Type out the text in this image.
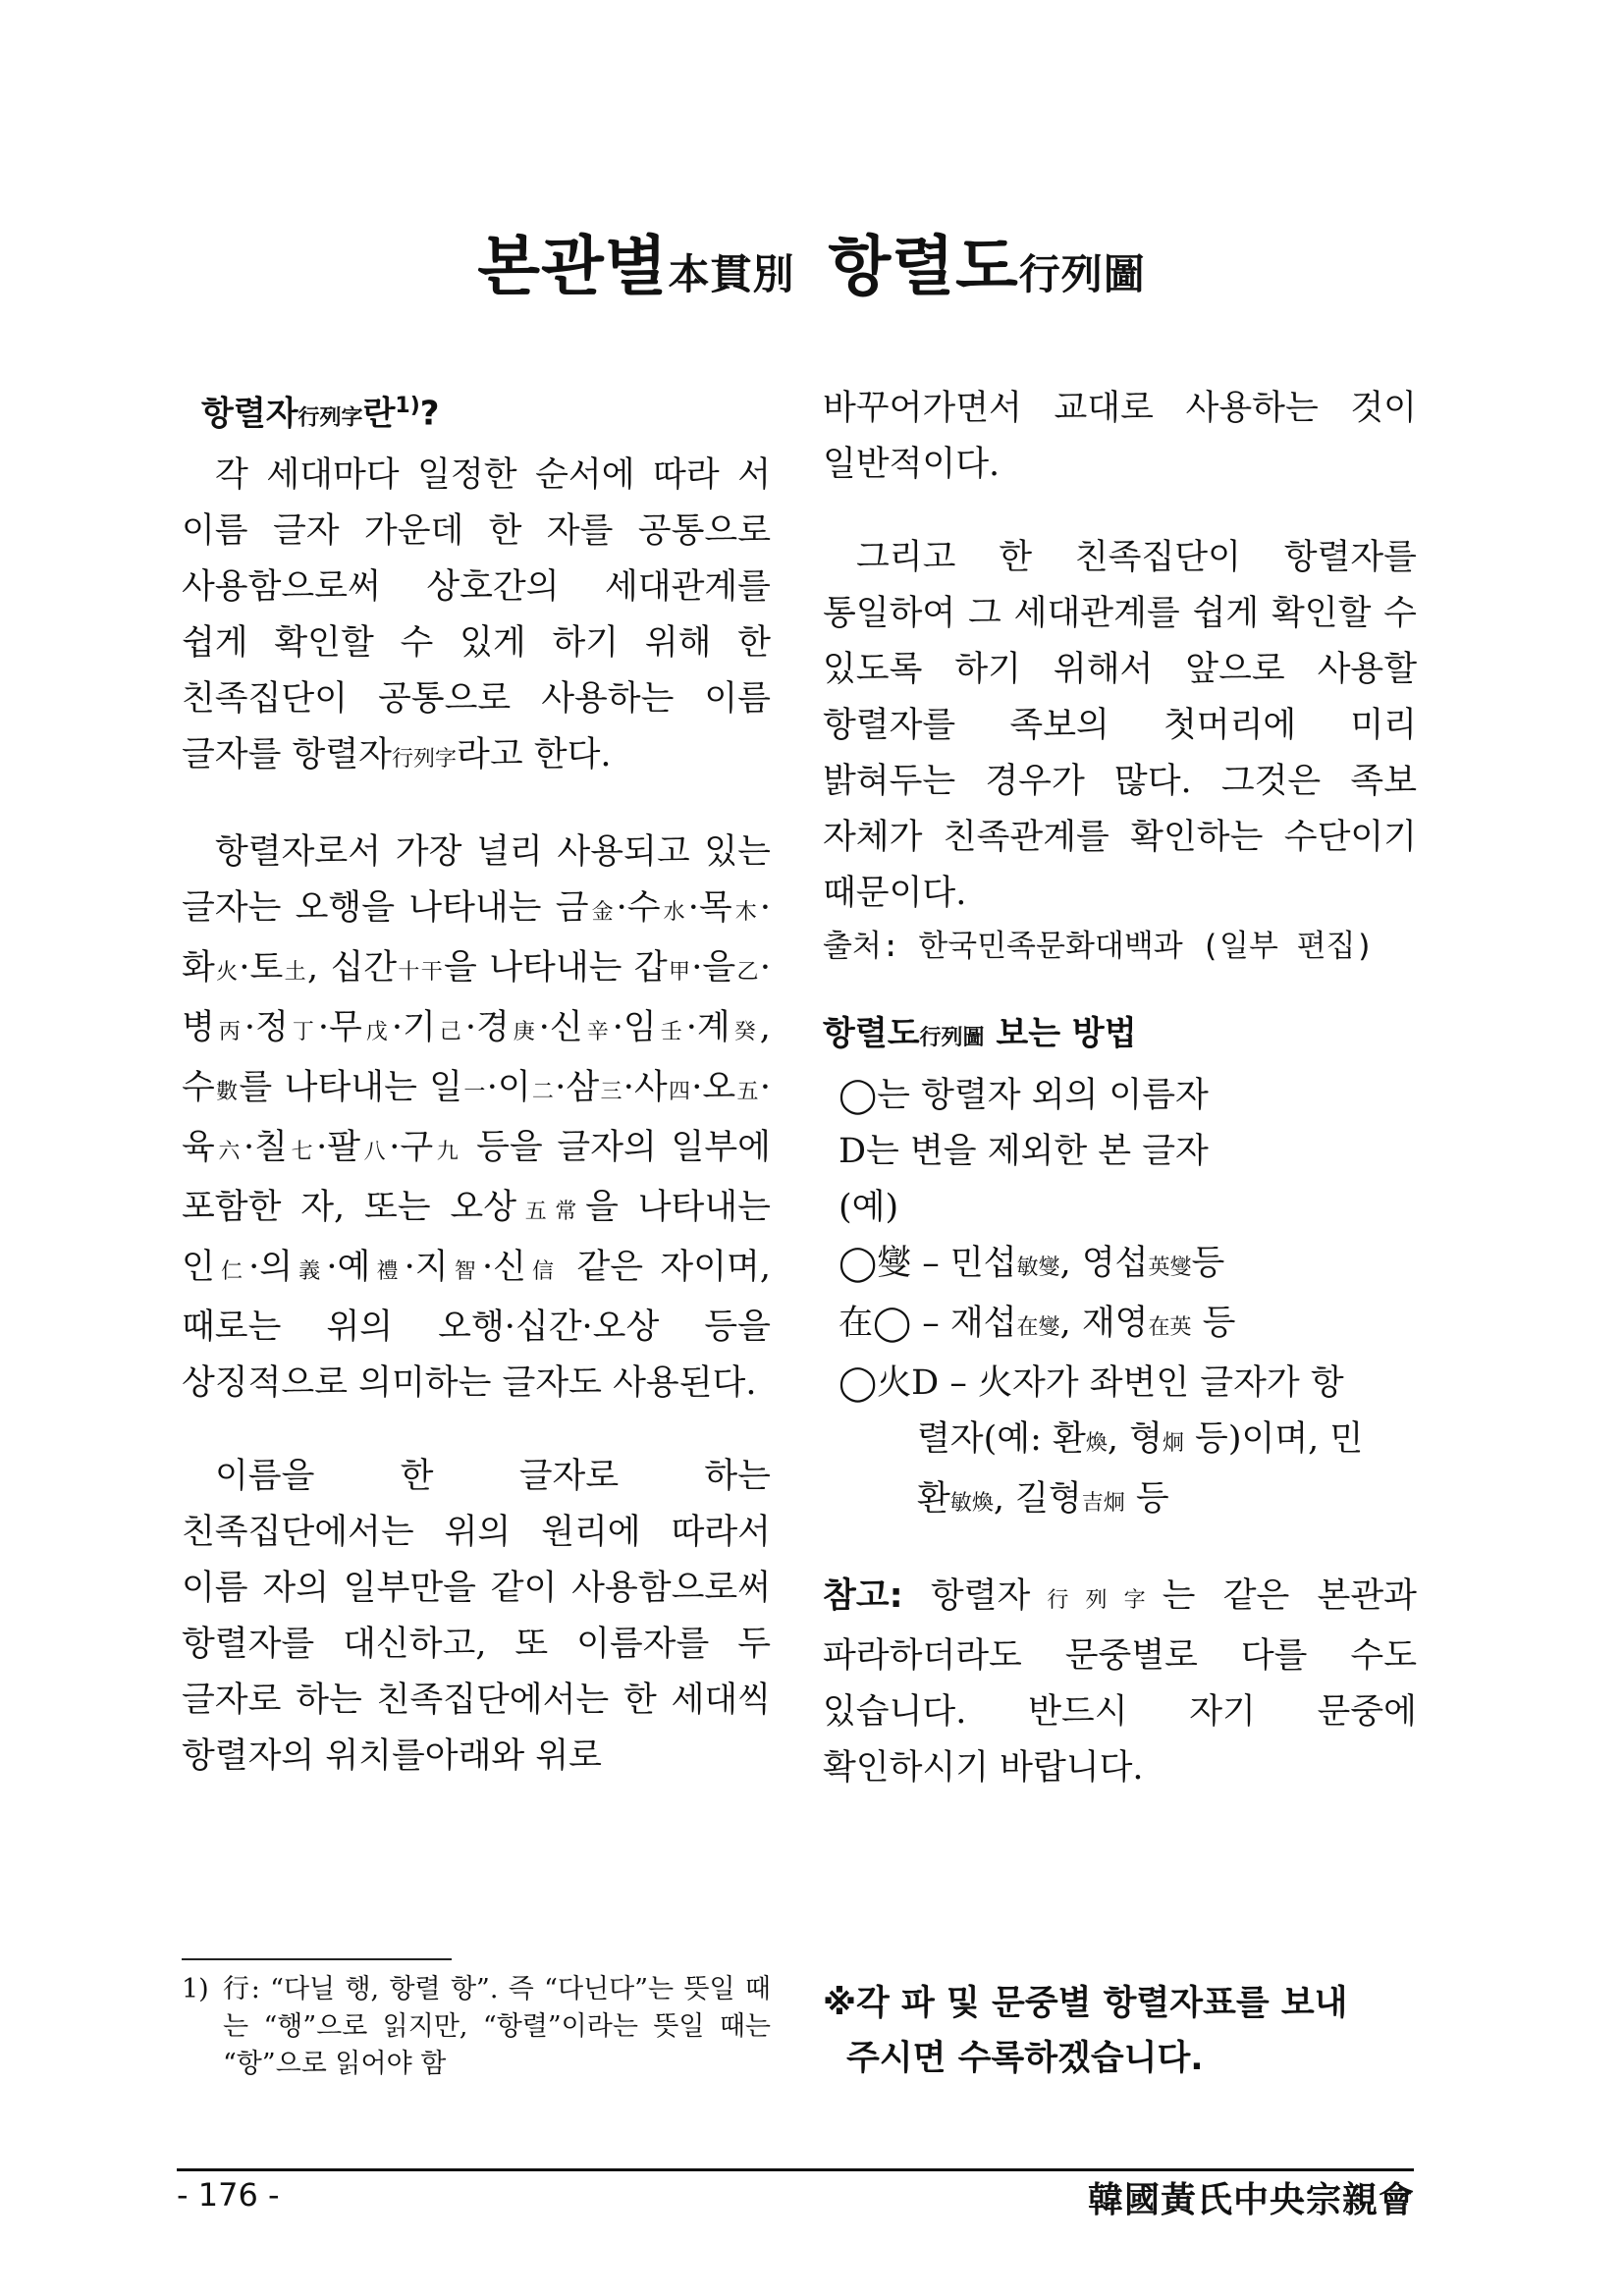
본관별本貫別 항렬도行列圖
항렬자行列字란$^{1)}$?

각 세대마다 일정한 순서에 따라 서 이름 글자 가운데 한 자를 공통으로 사용함으로써 상호간의 세대관계를 쉽게 확인할 수 있게 하기 위해 한 친족집단이 공통으로 사용하는 이름 글자를 항렬자行列字라고 한다.

항렬자로서 가장 널리 사용되고 있는 글자는 오행을 나타내는 금金·수水·목木·화火·토土, 십간十干을 나타내는 갑甲·을乙·병丙·정丁·무戊·기己·경庚·신辛·임壬·계癸, 수數를 나타내는 일一·이二·삼三·사四·오五·육六·칠七·팔八·구九 등을 글자의 일부에 포함한 자, 또는 오상五常을 나타내는 인仁·의義·예禮·지智·신信 같은 자이며, 때로는 위의 오행·십간·오상 등을 상징적으로 의미하는 글자도 사용된다.

이름을 한 글자로 하는 친족집단에서는 위의 원리에 따라서 이름 자의 일부만을 같이 사용함으로써 항렬자를 대신하고, 또 이름자를 두 글자로 하는 친족집단에서는 한 세대씩 항렬자의 위치를아래와 위로

바꾸어가면서 교대로 사용하는 것이 일반적이다.

그리고 한 친족집단이 항렬자를 통일하여 그 세대관계를 쉽게 확인할 수 있도록 하기 위해서 앞으로 사용할 항렬자를 족보의 첫머리에 미리 밝혀두는 경우가 많다. 그것은 족보 자체가 친족관계를 확인하는 수단이기 때문이다.

출처: 한국민족문화대백과 (일부 편집)

항렬도行列圖 보는 방법

◯는 항렬자 외의 이름자

D는 변을 제외한 본 글자

(예)

◯燮 – 민섭敏燮, 영섭英燮등

在◯ – 재섭在燮, 재영在英 등

◯火D – 火자가 좌변인 글자가 항

렬자(예: 환煥, 형炯 등)이며, 민
환敏煥, 길형吉炯 등

참고: 항렬자行列字는 같은 본관과 파라하더라도 문중별로 다를 수도 있습니다. 반드시 자기 문중에 확인하시기 바랍니다.

1) 行: “다닐 행, 항렬 항”. 즉 “다닌다”는 뜻일 때는 “행”으로 읽지만, “항렬”이라는 뜻일 때는 “항”으로 읽어야 함
※각 파 및 문중별 항렬자표를 보내
주시면 수록하겠습니다.
- 176 -	韓國黃氏中央宗親會
